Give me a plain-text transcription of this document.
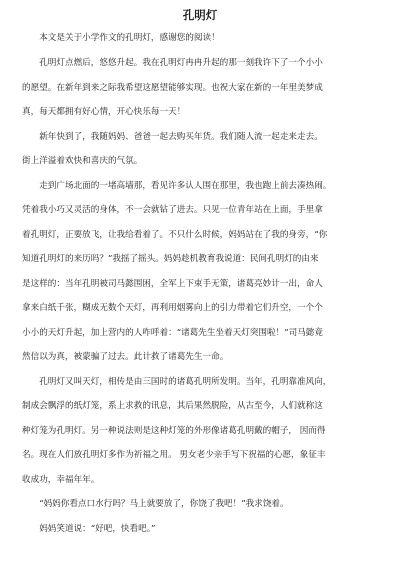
孔明灯
本文是关于小学作文的孔明灯，感谢您的阅读！

孔明灯点燃后，悠悠升起。我在孔明灯冉冉升起的那一刻我许下了一个小小

的愿望。在新年到来之际我希望这愿望能够实现。也祝大家在新的一年里美梦成

真，每天都拥有好心情，开心快乐每一天！

新年快到了，我随妈妈、爸爸一起去购买年货。我们随人流一起走来走去。

街上洋溢着欢快和喜庆的气氛。

走到广场北面的一堵高墙那，看见许多认人围在那里，我也跑上前去凑热闹。

凭着我小巧又灵活的身体，不一会就钻了进去。只见一位青年站在上面，手里拿

着孔明灯，正要放飞，让我给看着了。不只什么时候，妈妈站在了我的身旁，“你

知道孔明灯的来历吗？”我摇了摇头。妈妈趁机教育我说道：民间孔明灯的由来

是这样的：当年孔明被司马懿围困，全军上下束手无策，诸葛亮妙计一出，命人

拿来白纸千张，糊成无数个天灯，再利用烟雾向上的引力带着它们升空，一个个

小小的天灯升起，加上营内的人咋呼着：“诸葛先生坐着天灯突围啦！”司马懿竟

然信以为真，被蒙骗了过去。此计救了诸葛先生一命。

孔明灯又叫天灯，相传是由三国时的诸葛孔明所发明。当年，孔明靠准风向，

制成会飘浮的纸灯笼，系上求救的讯息，其后果然脱险，从古至今，人们就称这

种灯笼为孔明灯。另一种说法则是这种灯笼的外形像诸葛孔明戴的帽子， 因而得

名。现在人们放孔明灯多作为祈福之用。 男女老少亲手写下祝福的心愿，象征丰

收成功，幸福年年。

“妈妈你看点口水行吗？马上就要放了，你饶了我吧！”我求饶着。

妈妈笑道说：“好吧，快看吧。”
